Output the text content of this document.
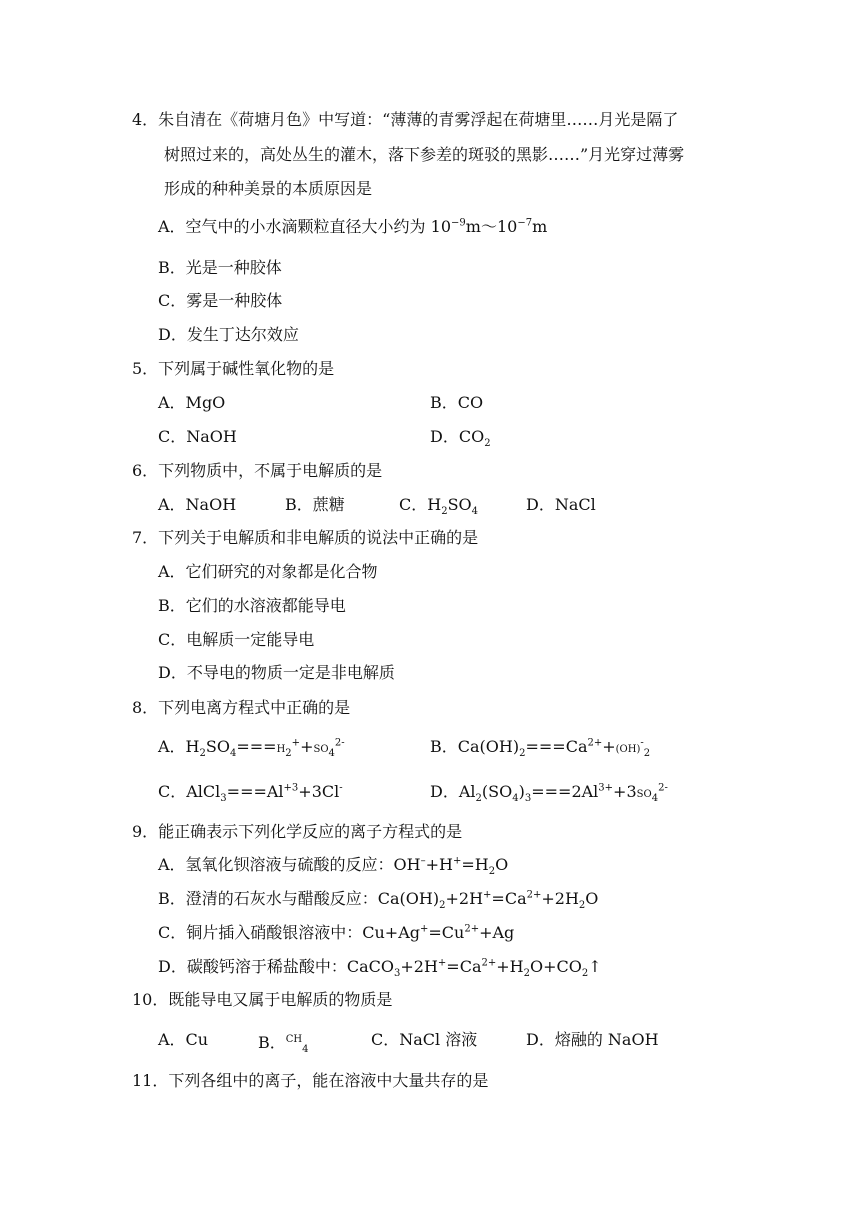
4．朱自清在《荷塘月色》中写道：“薄薄的青雾浮起在荷塘里……月光是隔了
树照过来的，高处丛生的灌木，落下参差的斑驳的黑影……”月光穿过薄雾
形成的种种美景的本质原因是
A．空气中的小水滴颗粒直径大小约为 $10^{-9}m\sim 10^{-7}m$
B．光是一种胶体
C．雾是一种胶体
D．发生丁达尔效应
5．下列属于碱性氧化物的是
A．MgO	B．CO
C．NaOH	D．$CO_2$
6．下列物质中，不属于电解质的是
A．NaOH	B．蔗糖	C．$H_2SO_4$	D．NaCl
7．下列关于电解质和非电解质的说法中正确的是
A．它们研究的对象都是化合物
B．它们的水溶液都能导电
C．电解质一定能导电
D．不导电的物质一定是非电解质
8．下列电离方程式中正确的是
A．$H_2SO_4===H_2^++SO_4^{2-}$	B．$Ca(OH)_2===Ca^{2+}+(OH)^-_2$
C．$AlCl_3===Al^{+3}+3Cl^-$	D．$Al_2(SO_4)_3===2Al^{3+}+3SO_4^{2-}$
9．能正确表示下列化学反应的离子方程式的是
A．氢氧化钡溶液与硫酸的反应：$OH^-+H^+=H_2O$
B．澄清的石灰水与醋酸反应：$Ca(OH)_2+2H^+=Ca^{2+}+2H_2O$
C．铜片插入硝酸银溶液中：$Cu+Ag^+=Cu^{2+}+Ag$
D．碳酸钙溶于稀盐酸中：$CaCO_3+2H^+=Ca^{2+}+H_2O+CO_2↑$
10．既能导电又属于电解质的物质是
A．Cu	B．$^{CH}_4$
C．NaCl 溶液	D．熔融的 NaOH
11．下列各组中的离子，能在溶液中大量共存的是
